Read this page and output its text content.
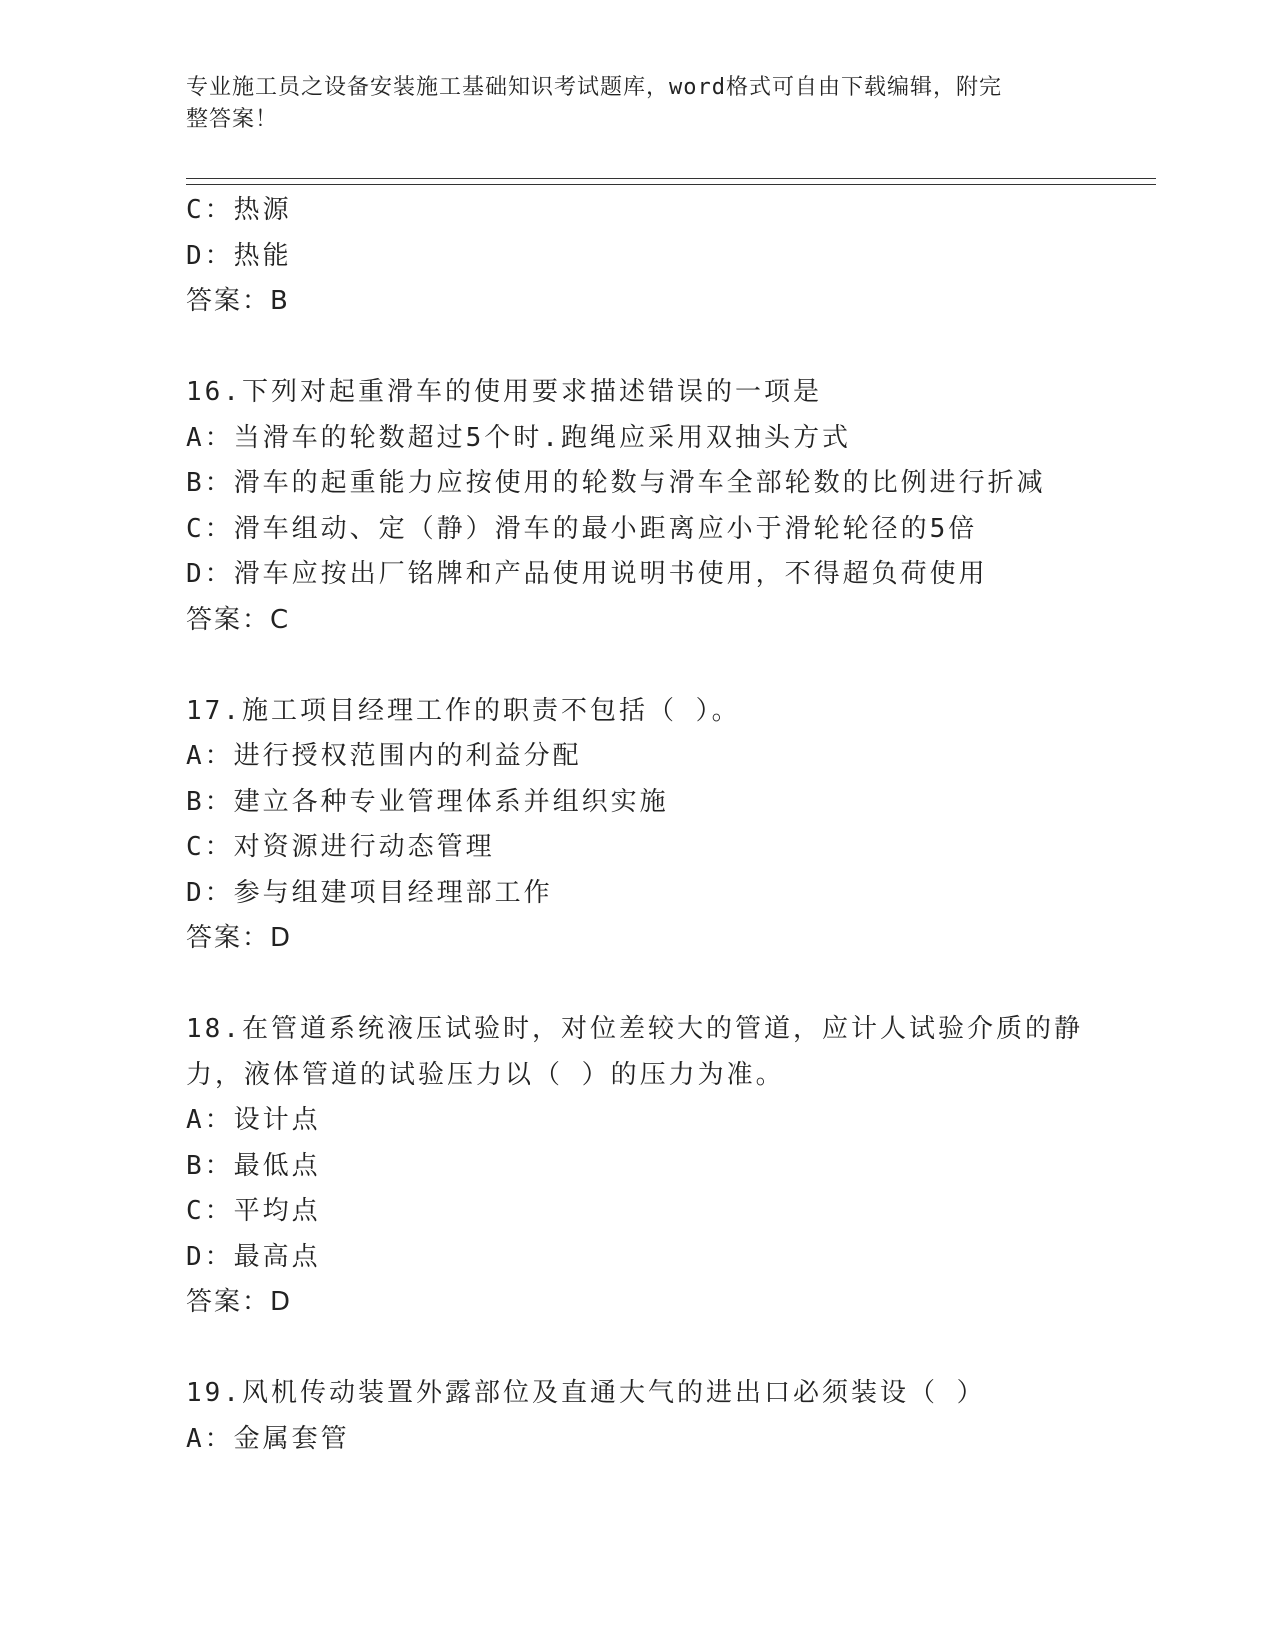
专业施工员之设备安装施工基础知识考试题库，word格式可自由下载编辑，附完
整答案！
C：热源
D：热能
答案：B
16.下列对起重滑车的使用要求描述错误的一项是
A：当滑车的轮数超过5个时.跑绳应采用双抽头方式
B：滑车的起重能力应按使用的轮数与滑车全部轮数的比例进行折减
C：滑车组动、定（静）滑车的最小距离应小于滑轮轮径的5倍
D：滑车应按出厂铭牌和产品使用说明书使用，不得超负荷使用
答案：C
17.施工项目经理工作的职责不包括（ ）。
A：进行授权范围内的利益分配
B：建立各种专业管理体系并组织实施
C：对资源进行动态管理
D：参与组建项目经理部工作
答案：D
18.在管道系统液压试验时，对位差较大的管道，应计人试验介质的静
力，液体管道的试验压力以（ ）的压力为准。
A：设计点
B：最低点
C：平均点
D：最高点
答案：D
19.风机传动装置外露部位及直通大气的进出口必须装设（ ）
A：金属套管
